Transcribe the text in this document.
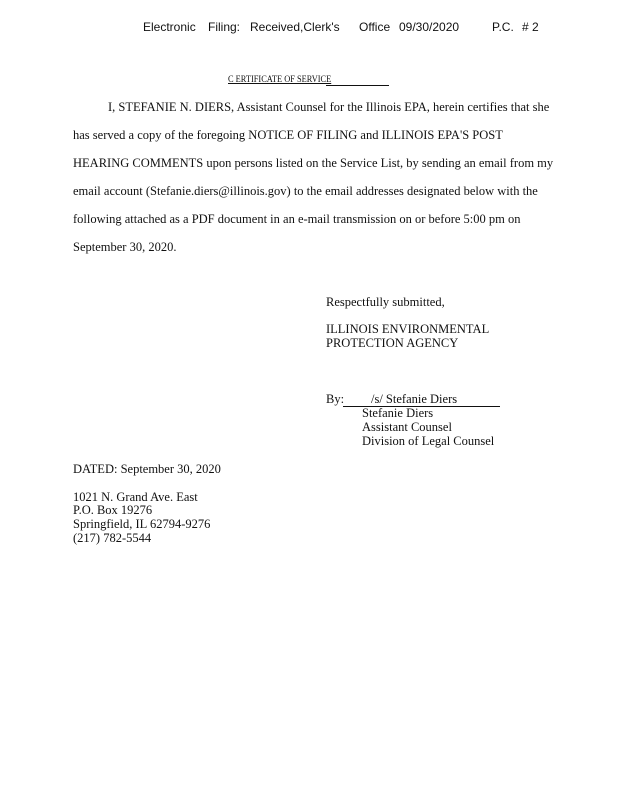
Electronic Filing: Received,Clerk's Office 09/30/2020	P.C. # 2
C ERTIFICATE OF SERVICE
I, STEFANIE N. DIERS, Assistant Counsel for the Illinois EPA, herein certifies that she
has served a copy of the foregoing NOTICE OF FILING and ILLINOIS EPA'S POST
HEARING COMMENTS upon persons listed on the Service List, by sending an email from my
email account (Stefanie.diers@illinois.gov) to the email addresses designated below with the
following attached as a PDF document in an e-mail transmission on or before 5:00 pm on
September 30, 2020.
Respectfully submitted,
ILLINOIS ENVIRONMENTAL
PROTECTION AGENCY
By: /s/ Stefanie Diers
Stefanie Diers
Assistant Counsel
Division of Legal Counsel
DATED: September 30, 2020
1021 N. Grand Ave. East
P.O. Box 19276
Springfield, IL 62794-9276
(217) 782-5544
